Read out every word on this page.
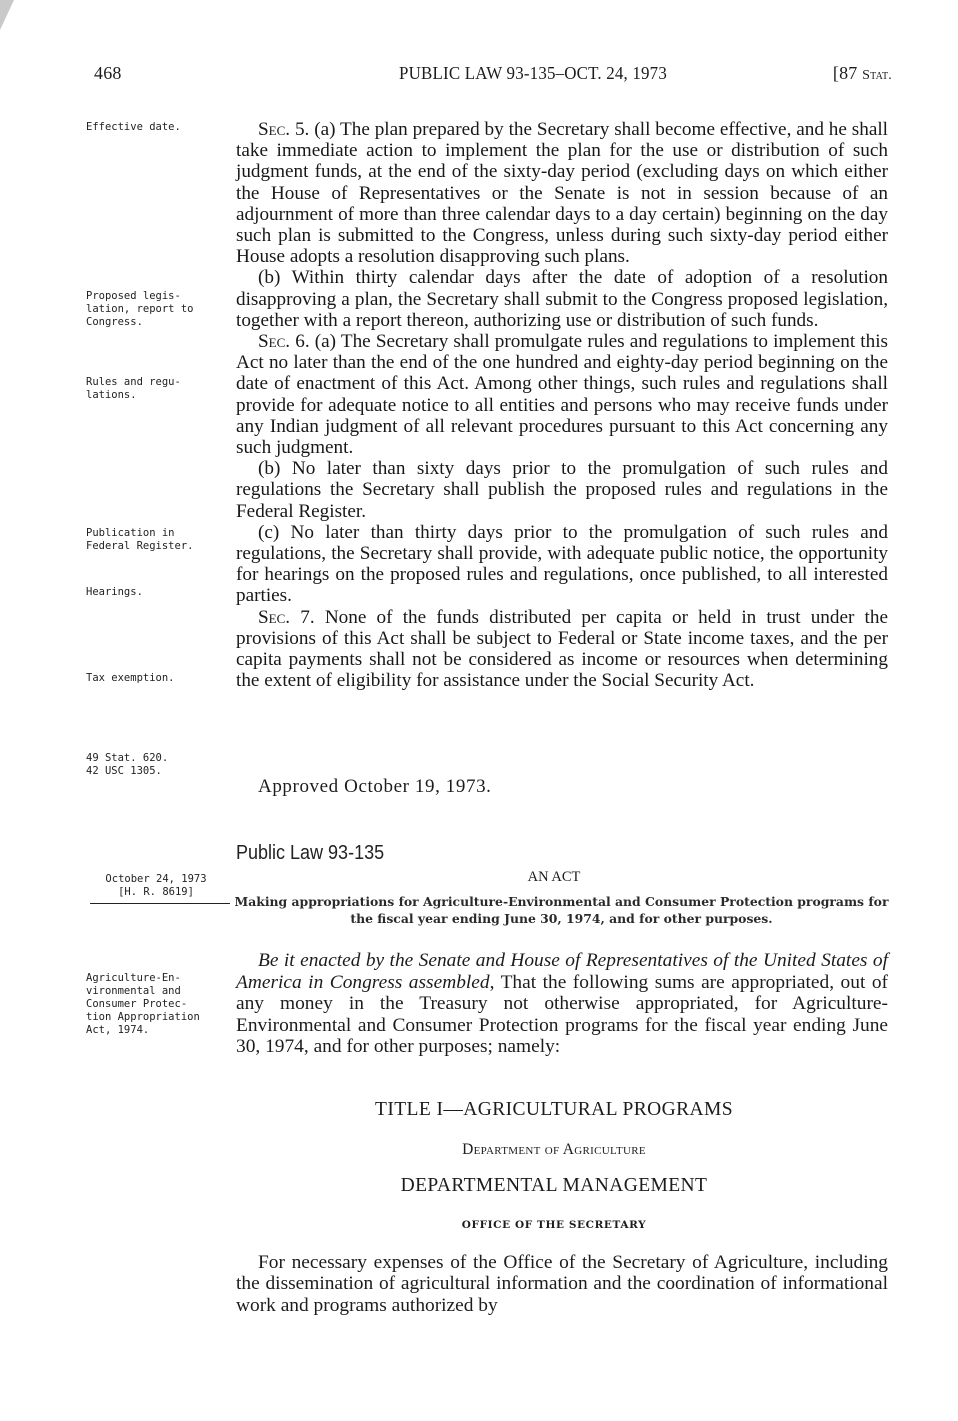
468	PUBLIC LAW 93-135–OCT. 24, 1973	[87 Stat.
Effective date.
Proposed legis-
lation, report to
Congress.
Rules and regu-
lations.
Publication in
Federal Register.
Hearings.
Tax exemption.
49 Stat. 620.
42 USC 1305.
October 24, 1973
[H. R. 8619]
Agriculture-En-
vironmental and
Consumer Protec-
tion Appropriation
Act, 1974.

Sec. 5. (a) The plan prepared by the Secretary shall become effective, and he shall take immediate action to implement the plan for the use or distribution of such judgment funds, at the end of the sixty-day period (excluding days on which either the House of Representatives or the Senate is not in session because of an adjournment of more than three calendar days to a day certain) beginning on the day such plan is submitted to the Congress, unless during such sixty-day period either House adopts a resolution disapproving such plans.

(b) Within thirty calendar days after the date of adoption of a resolution disapproving a plan, the Secretary shall submit to the Congress proposed legislation, together with a report thereon, authorizing use or distribution of such funds.

Sec. 6. (a) The Secretary shall promulgate rules and regulations to implement this Act no later than the end of the one hundred and eighty-day period beginning on the date of enactment of this Act. Among other things, such rules and regulations shall provide for adequate notice to all entities and persons who may receive funds under any Indian judgment of all relevant procedures pursuant to this Act concerning any such judgment.

(b) No later than sixty days prior to the promulgation of such rules and regulations the Secretary shall publish the proposed rules and regulations in the Federal Register.

(c) No later than thirty days prior to the promulgation of such rules and regulations, the Secretary shall provide, with adequate public notice, the opportunity for hearings on the proposed rules and regulations, once published, to all interested parties.

Sec. 7. None of the funds distributed per capita or held in trust under the provisions of this Act shall be subject to Federal or State income taxes, and the per capita payments shall not be considered as income or resources when determining the extent of eligibility for assistance under the Social Security Act.

Approved October 19, 1973.
Public Law 93-135
AN ACT
Making appropriations for Agriculture-Environmental and Consumer Protection programs for the fiscal year ending June 30, 1974, and for other purposes.

Be it enacted by the Senate and House of Representatives of the United States of America in Congress assembled, That the following sums are appropriated, out of any money in the Treasury not otherwise appropriated, for Agriculture-Environmental and Consumer Protection programs for the fiscal year ending June 30, 1974, and for other purposes; namely:

TITLE I—AGRICULTURAL PROGRAMS
Department of Agriculture
DEPARTMENTAL MANAGEMENT
OFFICE OF THE SECRETARY

For necessary expenses of the Office of the Secretary of Agriculture, including the dissemination of agricultural information and the coordination of informational work and programs authorized by
